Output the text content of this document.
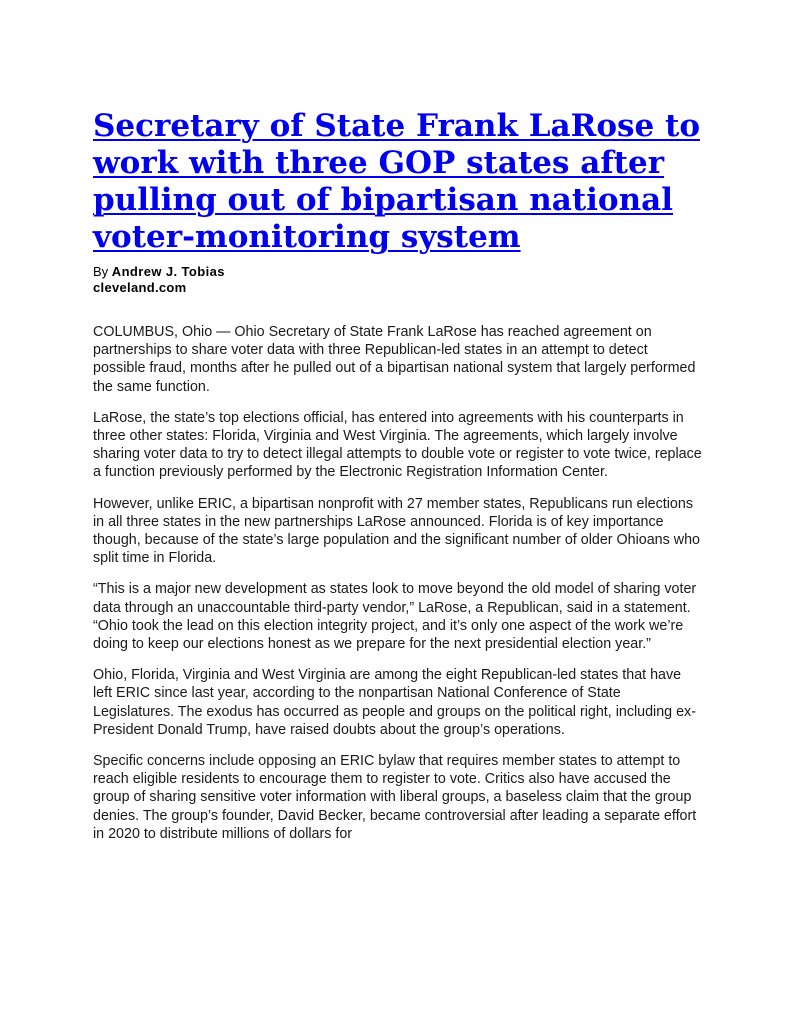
Secretary of State Frank LaRose to work with three GOP states after pulling out of bipartisan national voter-monitoring system
By Andrew J. Tobias
cleveland.com

COLUMBUS, Ohio — Ohio Secretary of State Frank LaRose has reached agreement on partnerships to share voter data with three Republican-led states in an attempt to detect possible fraud, months after he pulled out of a bipartisan national system that largely performed the same function.

LaRose, the state’s top elections official, has entered into agreements with his counterparts in three other states: Florida, Virginia and West Virginia. The agreements, which largely involve sharing voter data to try to detect illegal attempts to double vote or register to vote twice, replace a function previously performed by the Electronic Registration Information Center.

However, unlike ERIC, a bipartisan nonprofit with 27 member states, Republicans run elections in all three states in the new partnerships LaRose announced. Florida is of key importance though, because of the state’s large population and the significant number of older Ohioans who split time in Florida.

“This is a major new development as states look to move beyond the old model of sharing voter data through an unaccountable third-party vendor,” LaRose, a Republican, said in a statement. “Ohio took the lead on this election integrity project, and it’s only one aspect of the work we’re doing to keep our elections honest as we prepare for the next presidential election year.”

Ohio, Florida, Virginia and West Virginia are among the eight Republican-led states that have left ERIC since last year, according to the nonpartisan National Conference of State Legislatures. The exodus has occurred as people and groups on the political right, including ex-President Donald Trump, have raised doubts about the group’s operations.

Specific concerns include opposing an ERIC bylaw that requires member states to attempt to reach eligible residents to encourage them to register to vote. Critics also have accused the group of sharing sensitive voter information with liberal groups, a baseless claim that the group denies. The group’s founder, David Becker, became controversial after leading a separate effort in 2020 to distribute millions of dollars for
